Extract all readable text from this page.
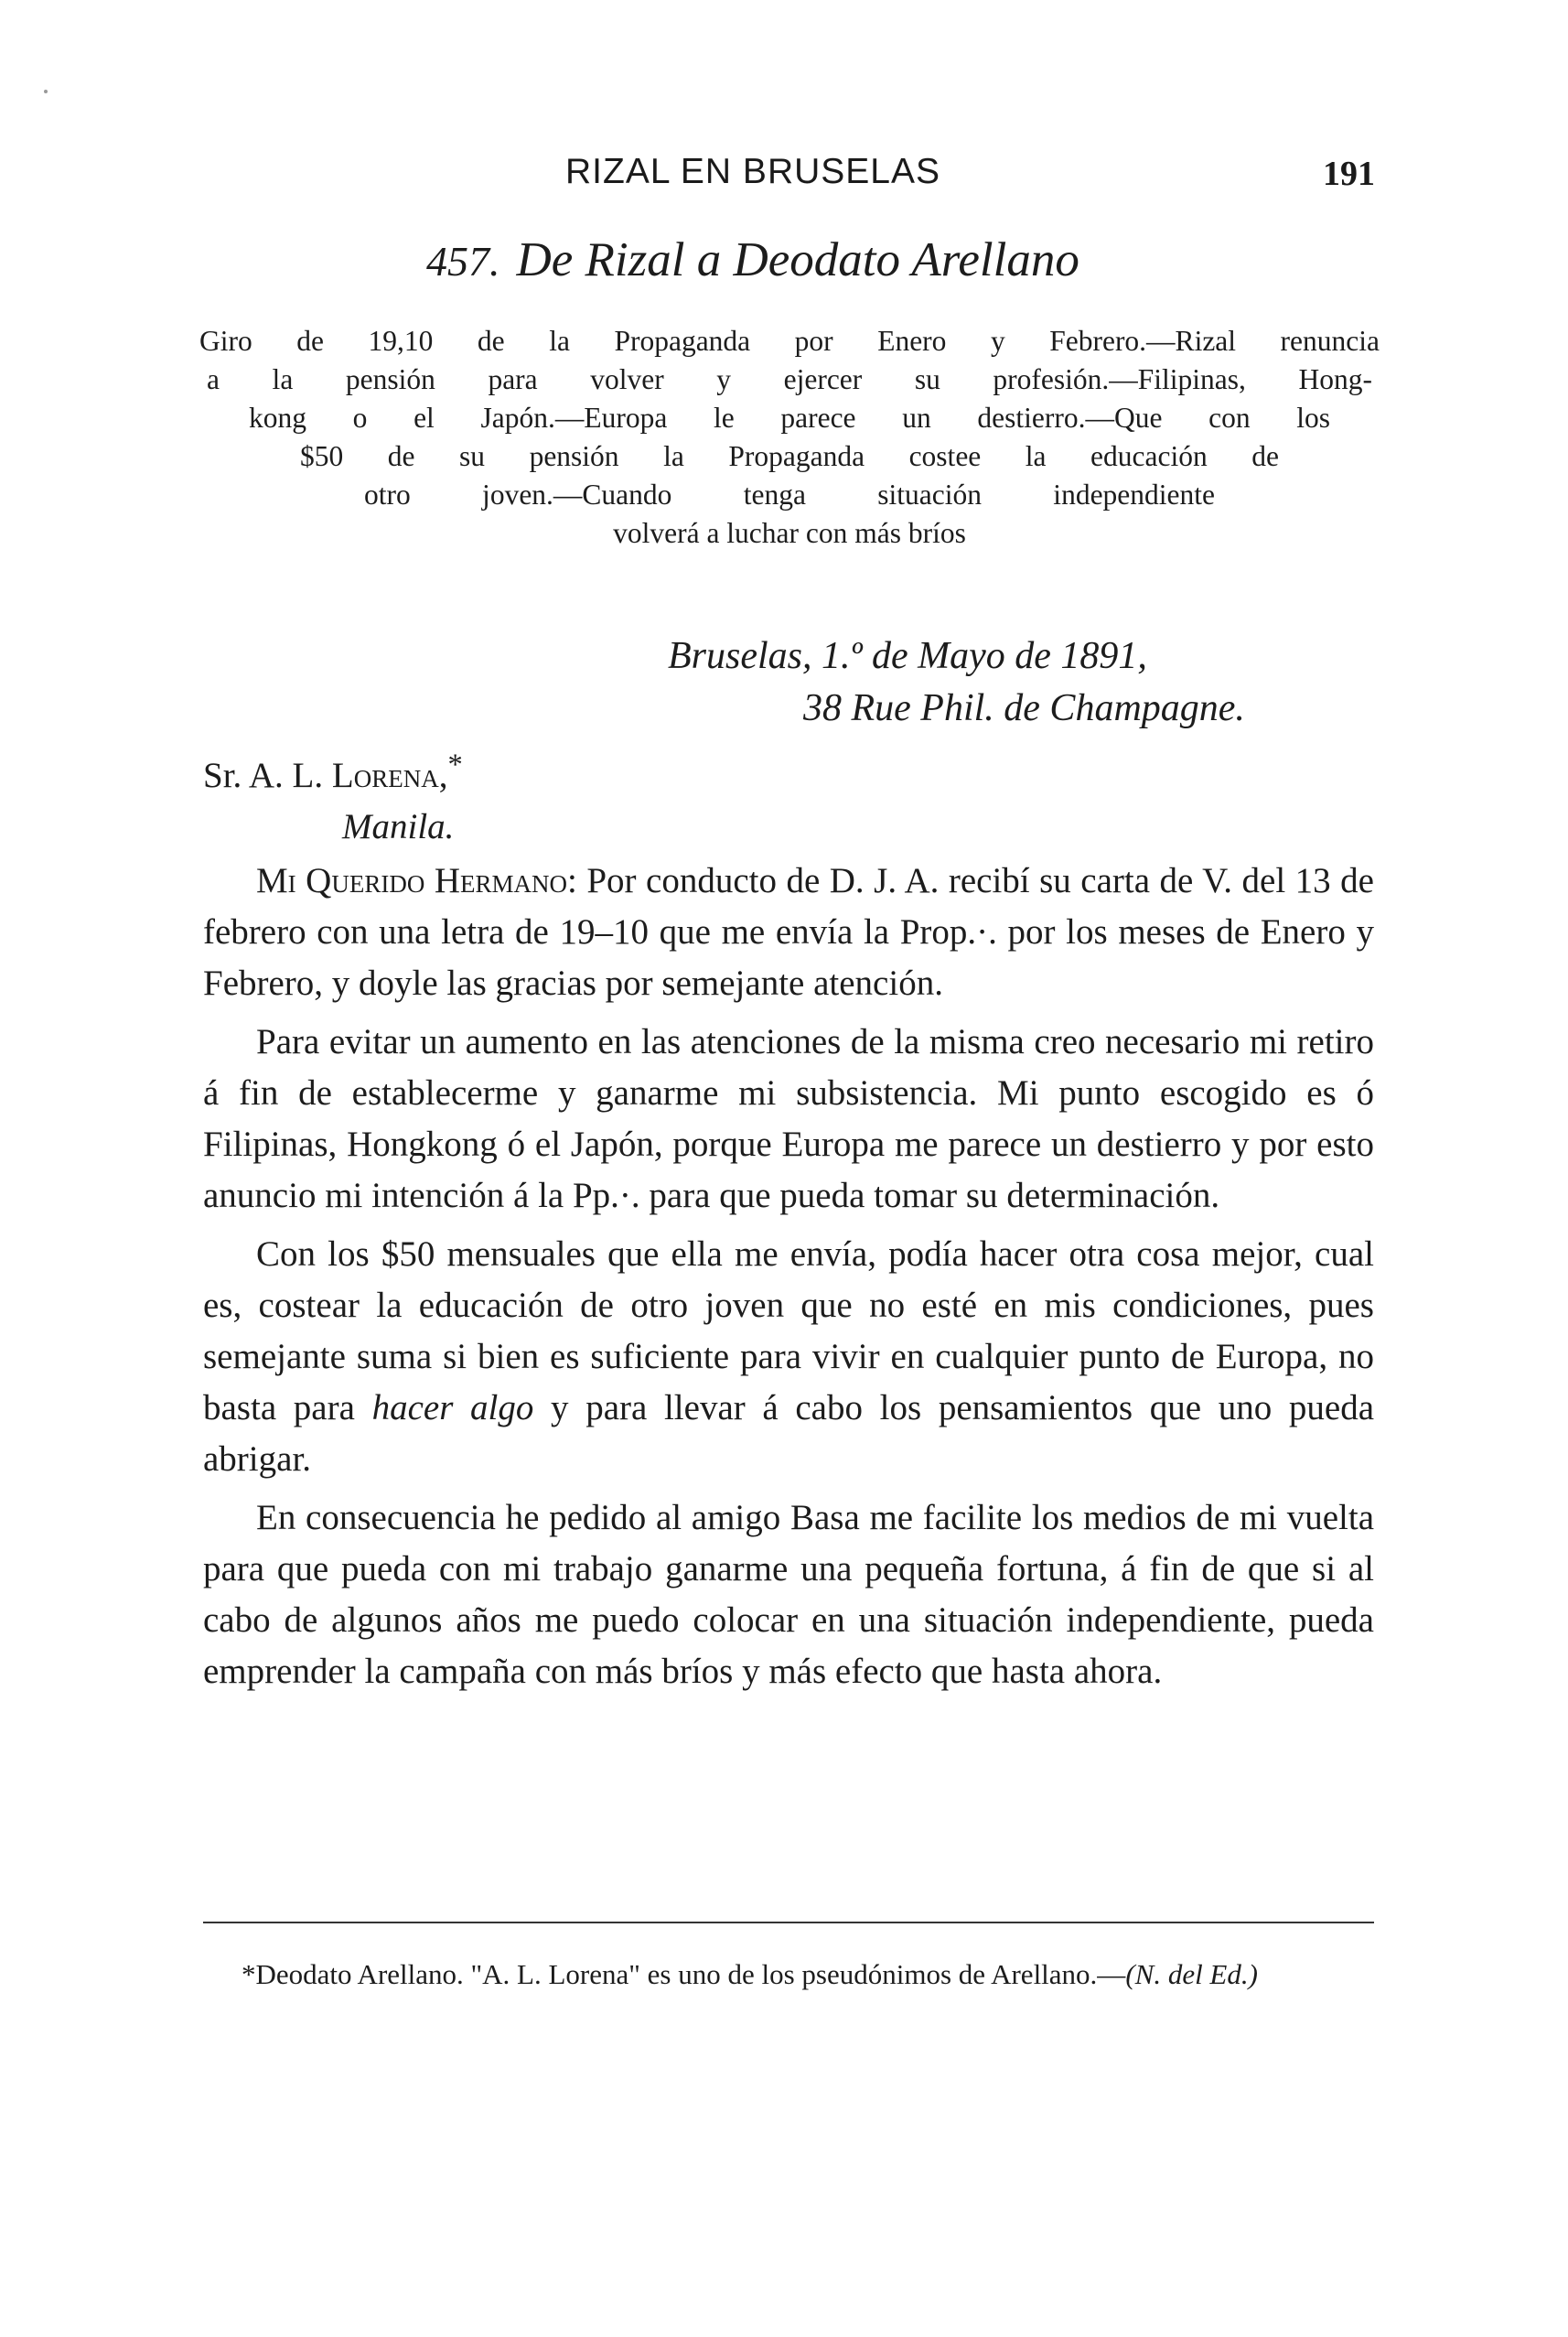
RIZAL EN BRUSELAS	191
457. De Rizal a Deodato Arellano
Giro de 19,10 de la Propaganda por Enero y Febrero.—Rizal renuncia
a la pensión para volver y ejercer su profesión.—Filipinas, Hong-
kong o el Japón.—Europa le parece un destierro.—Que con los
$50 de su pensión la Propaganda costee la educación de
otro joven.—Cuando tenga situación independiente
volverá a luchar con más bríos
Bruselas, 1.º de Mayo de 1891,
38 Rue Phil. de Champagne.
Sr. A. L. Lorena,*
Manila.

Mi Querido Hermano: Por conducto de D. J. A. recibí su carta de V. del 13 de febrero con una letra de 19–10 que me envía la Prop.·. por los meses de Enero y Febrero, y doyle las gracias por semejante atención.

Para evitar un aumento en las atenciones de la misma creo necesario mi retiro á fin de establecerme y ganarme mi subsistencia. Mi punto escogido es ó Filipinas, Hongkong ó el Japón, porque Europa me parece un destierro y por esto anuncio mi intención á la Pp.·. para que pueda tomar su determinación.

Con los $50 mensuales que ella me envía, podía hacer otra cosa mejor, cual es, costear la educación de otro joven que no esté en mis condiciones, pues semejante suma si bien es suficiente para vivir en cualquier punto de Europa, no basta para hacer algo y para llevar á cabo los pensamientos que uno pueda abrigar.

En consecuencia he pedido al amigo Basa me facilite los medios de mi vuelta para que pueda con mi trabajo ganarme una pequeña fortuna, á fin de que si al cabo de algunos años me puedo colocar en una situación independiente, pueda emprender la campaña con más bríos y más efecto que hasta ahora.

*Deodato Arellano. "A. L. Lorena" es uno de los pseudónimos de Arellano.—(N. del Ed.)
